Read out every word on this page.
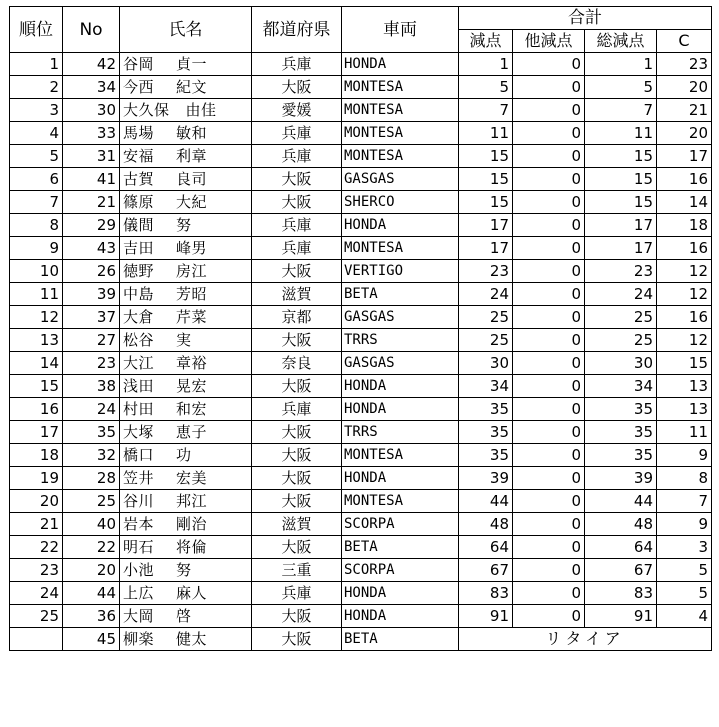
順位	No	氏名	都道府県	車両	合計			
					減点	他減点	総減点	C
1	42	谷岡 貞一	兵庫	HONDA	1	0	1	23
2	34	今西 紀文	大阪	MONTESA	5	0	5	20
3	30	大久保 由佳	愛媛	MONTESA	7	0	7	21
4	33	馬場 敏和	兵庫	MONTESA	11	0	11	20
5	31	安福 利章	兵庫	MONTESA	15	0	15	17
6	41	古賀 良司	大阪	GASGAS	15	0	15	16
7	21	篠原 大紀	大阪	SHERCO	15	0	15	14
8	29	儀間 努	兵庫	HONDA	17	0	17	18
9	43	吉田 峰男	兵庫	MONTESA	17	0	17	16
10	26	徳野 房江	大阪	VERTIGO	23	0	23	12
11	39	中島 芳昭	滋賀	BETA	24	0	24	12
12	37	大倉 芹菜	京都	GASGAS	25	0	25	16
13	27	松谷 実	大阪	TRRS	25	0	25	12
14	23	大江 章裕	奈良	GASGAS	30	0	30	15
15	38	浅田 晃宏	大阪	HONDA	34	0	34	13
16	24	村田 和宏	兵庫	HONDA	35	0	35	13
17	35	大塚 恵子	大阪	TRRS	35	0	35	11
18	32	橋口 功	大阪	MONTESA	35	0	35	9
19	28	笠井 宏美	大阪	HONDA	39	0	39	8
20	25	谷川 邦江	大阪	MONTESA	44	0	44	7
21	40	岩本 剛治	滋賀	SCORPA	48	0	48	9
22	22	明石 将倫	大阪	BETA	64	0	64	3
23	20	小池 努	三重	SCORPA	67	0	67	5
24	44	上広 麻人	兵庫	HONDA	83	0	83	5
25	36	大岡 啓	大阪	HONDA	91	0	91	4
	45	柳楽 健太	大阪	BETA	リタイア			
